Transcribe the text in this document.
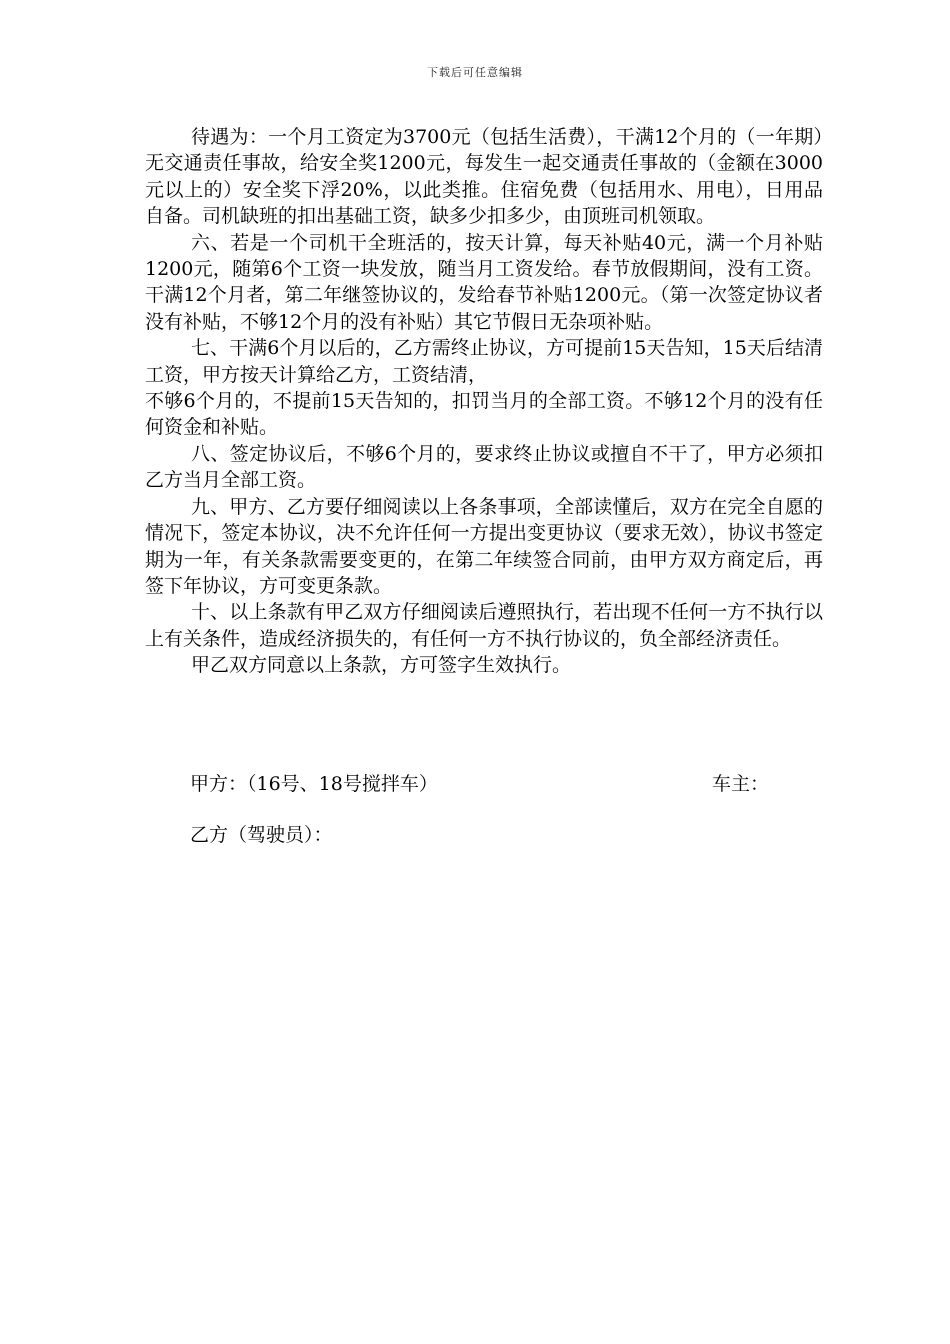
下载后可任意编辑

待遇为：一个月工资定为3700元（包括生活费），干满12个月的（一年期）无交通责任事故，给安全奖1200元，每发生一起交通责任事故的（金额在3000元以上的）安全奖下浮20%，以此类推。住宿免费（包括用水、用电），日用品自备。司机缺班的扣出基础工资，缺多少扣多少，由顶班司机领取。

六、若是一个司机干全班活的，按天计算，每天补贴40元，满一个月补贴1200元，随第6个工资一块发放，随当月工资发给。春节放假期间，没有工资。干满12个月者，第二年继签协议的，发给春节补贴1200元。（第一次签定协议者没有补贴，不够12个月的没有补贴）其它节假日无杂项补贴。

七、干满6个月以后的，乙方需终止协议，方可提前15天告知，15天后结清工资，甲方按天计算给乙方，工资结清，

不够6个月的，不提前15天告知的，扣罚当月的全部工资。不够12个月的没有任何资金和补贴。

八、签定协议后，不够6个月的，要求终止协议或擅自不干了，甲方必须扣乙方当月全部工资。

九、甲方、乙方要仔细阅读以上各条事项，全部读懂后，双方在完全自愿的情况下，签定本协议，决不允许任何一方提出变更协议（要求无效），协议书签定期为一年，有关条款需要变更的，在第二年续签合同前，由甲方双方商定后，再签下年协议，方可变更条款。

十、以上条款有甲乙双方仔细阅读后遵照执行，若出现不任何一方不执行以上有关条件，造成经济损失的，有任何一方不执行协议的，负全部经济责任。

甲乙双方同意以上条款，方可签字生效执行。

甲方：（16号、18号搅拌车）	车主：
乙方（驾驶员）：
